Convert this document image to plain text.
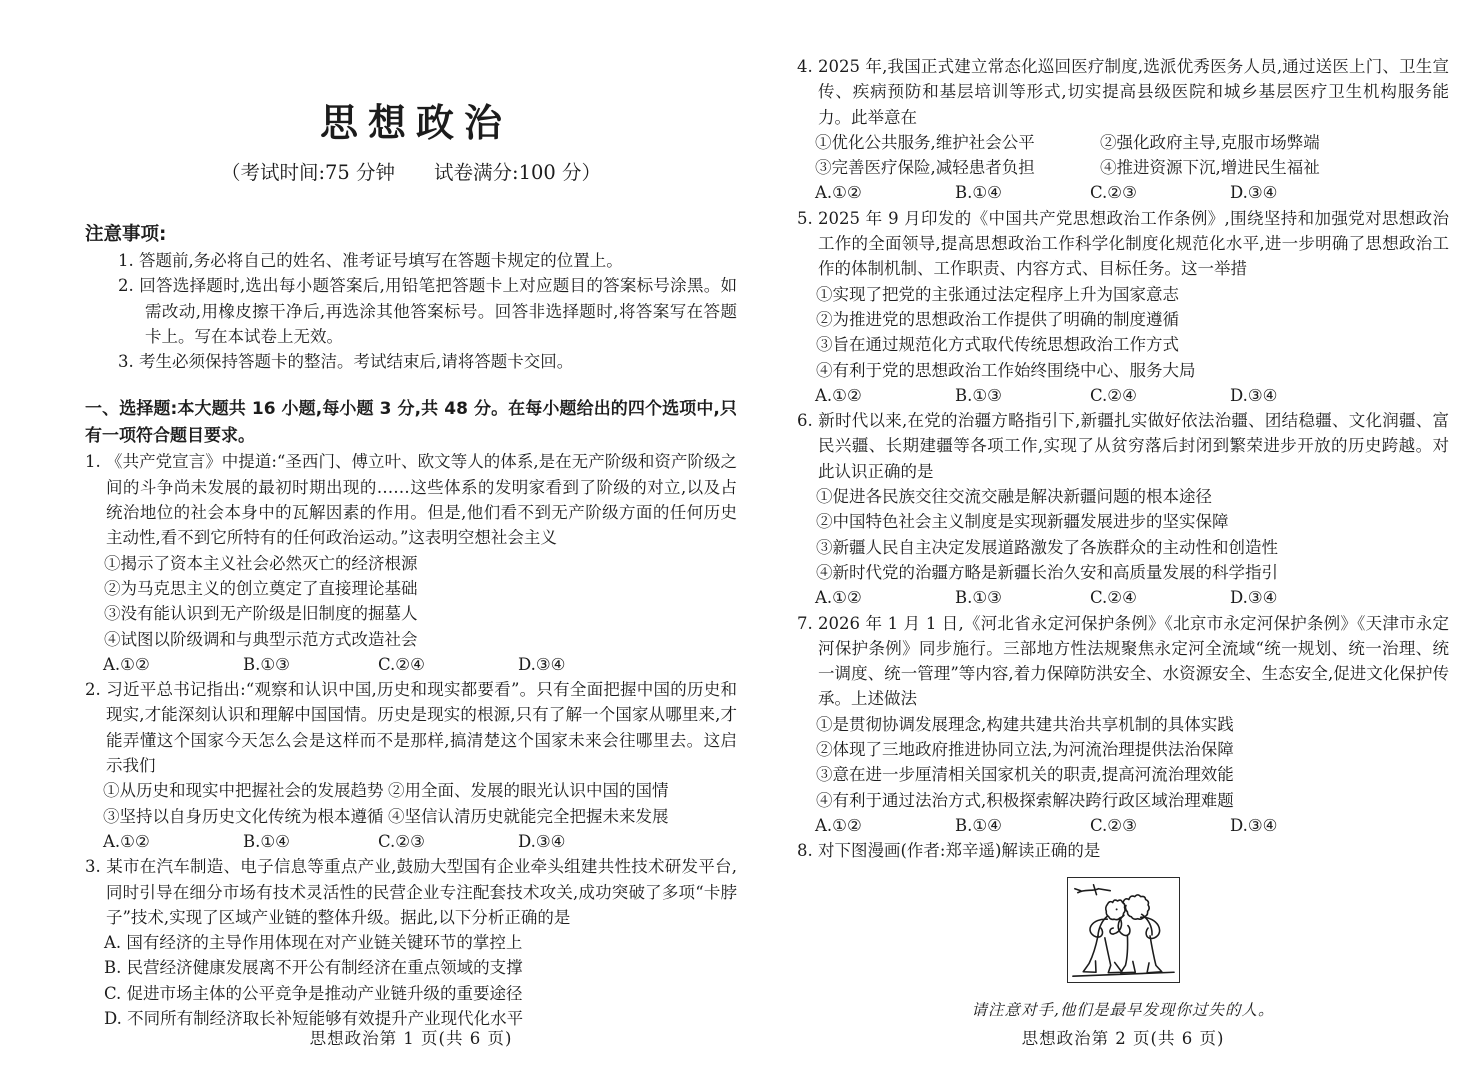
思想政治
（考试时间:75 分钟　　试卷满分:100 分）
注意事项:
1. 答题前,务必将自己的姓名、准考证号填写在答题卡规定的位置上。
2. 回答选择题时,选出每小题答案后,用铅笔把答题卡上对应题目的答案标号涂黑。如需改动,用橡皮擦干净后,再选涂其他答案标号。回答非选择题时,将答案写在答题卡上。写在本试卷上无效。
3. 考生必须保持答题卡的整洁。考试结束后,请将答题卡交回。
一、选择题:本大题共 16 小题,每小题 3 分,共 48 分。在每小题给出的四个选项中,只有一项符合题目要求。
1. 《共产党宣言》中提道:“圣西门、傅立叶、欧文等人的体系,是在无产阶级和资产阶级之间的斗争尚未发展的最初时期出现的……这些体系的发明家看到了阶级的对立,以及占统治地位的社会本身中的瓦解因素的作用。但是,他们看不到无产阶级方面的任何历史主动性,看不到它所特有的任何政治运动。”这表明空想社会主义
①揭示了资本主义社会必然灭亡的经济根源
②为马克思主义的创立奠定了直接理论基础
③没有能认识到无产阶级是旧制度的掘墓人
④试图以阶级调和与典型示范方式改造社会
A.①②	B.①③	C.②④	D.③④
2. 习近平总书记指出:“观察和认识中国,历史和现实都要看”。只有全面把握中国的历史和现实,才能深刻认识和理解中国国情。历史是现实的根源,只有了解一个国家从哪里来,才能弄懂这个国家今天怎么会是这样而不是那样,搞清楚这个国家未来会往哪里去。这启示我们
①从历史和现实中把握社会的发展趋势 ②用全面、发展的眼光认识中国的国情
③坚持以自身历史文化传统为根本遵循 ④坚信认清历史就能完全把握未来发展
A.①②	B.①④	C.②③	D.③④
3. 某市在汽车制造、电子信息等重点产业,鼓励大型国有企业牵头组建共性技术研发平台,同时引导在细分市场有技术灵活性的民营企业专注配套技术攻关,成功突破了多项“卡脖子”技术,实现了区域产业链的整体升级。据此,以下分析正确的是
A. 国有经济的主导作用体现在对产业链关键环节的掌控上
B. 民营经济健康发展离不开公有制经济在重点领域的支撑
C. 促进市场主体的公平竞争是推动产业链升级的重要途径
D. 不同所有制经济取长补短能够有效提升产业现代化水平
思想政治第 1 页(共 6 页)
4. 2025 年,我国正式建立常态化巡回医疗制度,选派优秀医务人员,通过送医上门、卫生宣传、疾病预防和基层培训等形式,切实提高县级医院和城乡基层医疗卫生机构服务能力。此举意在
①优化公共服务,维护社会公平	②强化政府主导,克服市场弊端
③完善医疗保险,减轻患者负担	④推进资源下沉,增进民生福祉
A.①②	B.①④	C.②③	D.③④
5. 2025 年 9 月印发的《中国共产党思想政治工作条例》,围绕坚持和加强党对思想政治工作的全面领导,提高思想政治工作科学化制度化规范化水平,进一步明确了思想政治工作的体制机制、工作职责、内容方式、目标任务。这一举措
①实现了把党的主张通过法定程序上升为国家意志
②为推进党的思想政治工作提供了明确的制度遵循
③旨在通过规范化方式取代传统思想政治工作方式
④有利于党的思想政治工作始终围绕中心、服务大局
A.①②	B.①③	C.②④	D.③④
6. 新时代以来,在党的治疆方略指引下,新疆扎实做好依法治疆、团结稳疆、文化润疆、富民兴疆、长期建疆等各项工作,实现了从贫穷落后封闭到繁荣进步开放的历史跨越。对此认识正确的是
①促进各民族交往交流交融是解决新疆问题的根本途径
②中国特色社会主义制度是实现新疆发展进步的坚实保障
③新疆人民自主决定发展道路激发了各族群众的主动性和创造性
④新时代党的治疆方略是新疆长治久安和高质量发展的科学指引
A.①②	B.①③	C.②④	D.③④
7. 2026 年 1 月 1 日,《河北省永定河保护条例》《北京市永定河保护条例》《天津市永定河保护条例》同步施行。三部地方性法规聚焦永定河全流域“统一规划、统一治理、统一调度、统一管理”等内容,着力保障防洪安全、水资源安全、生态安全,促进文化保护传承。上述做法
①是贯彻协调发展理念,构建共建共治共享机制的具体实践
②体现了三地政府推进协同立法,为河流治理提供法治保障
③意在进一步厘清相关国家机关的职责,提高河流治理效能
④有利于通过法治方式,积极探索解决跨行政区域治理难题
A.①②	B.①④	C.②③	D.③④
8. 对下图漫画(作者:郑辛遥)解读正确的是
请注意对手,他们是最早发现你过失的人。
思想政治第 2 页(共 6 页)
